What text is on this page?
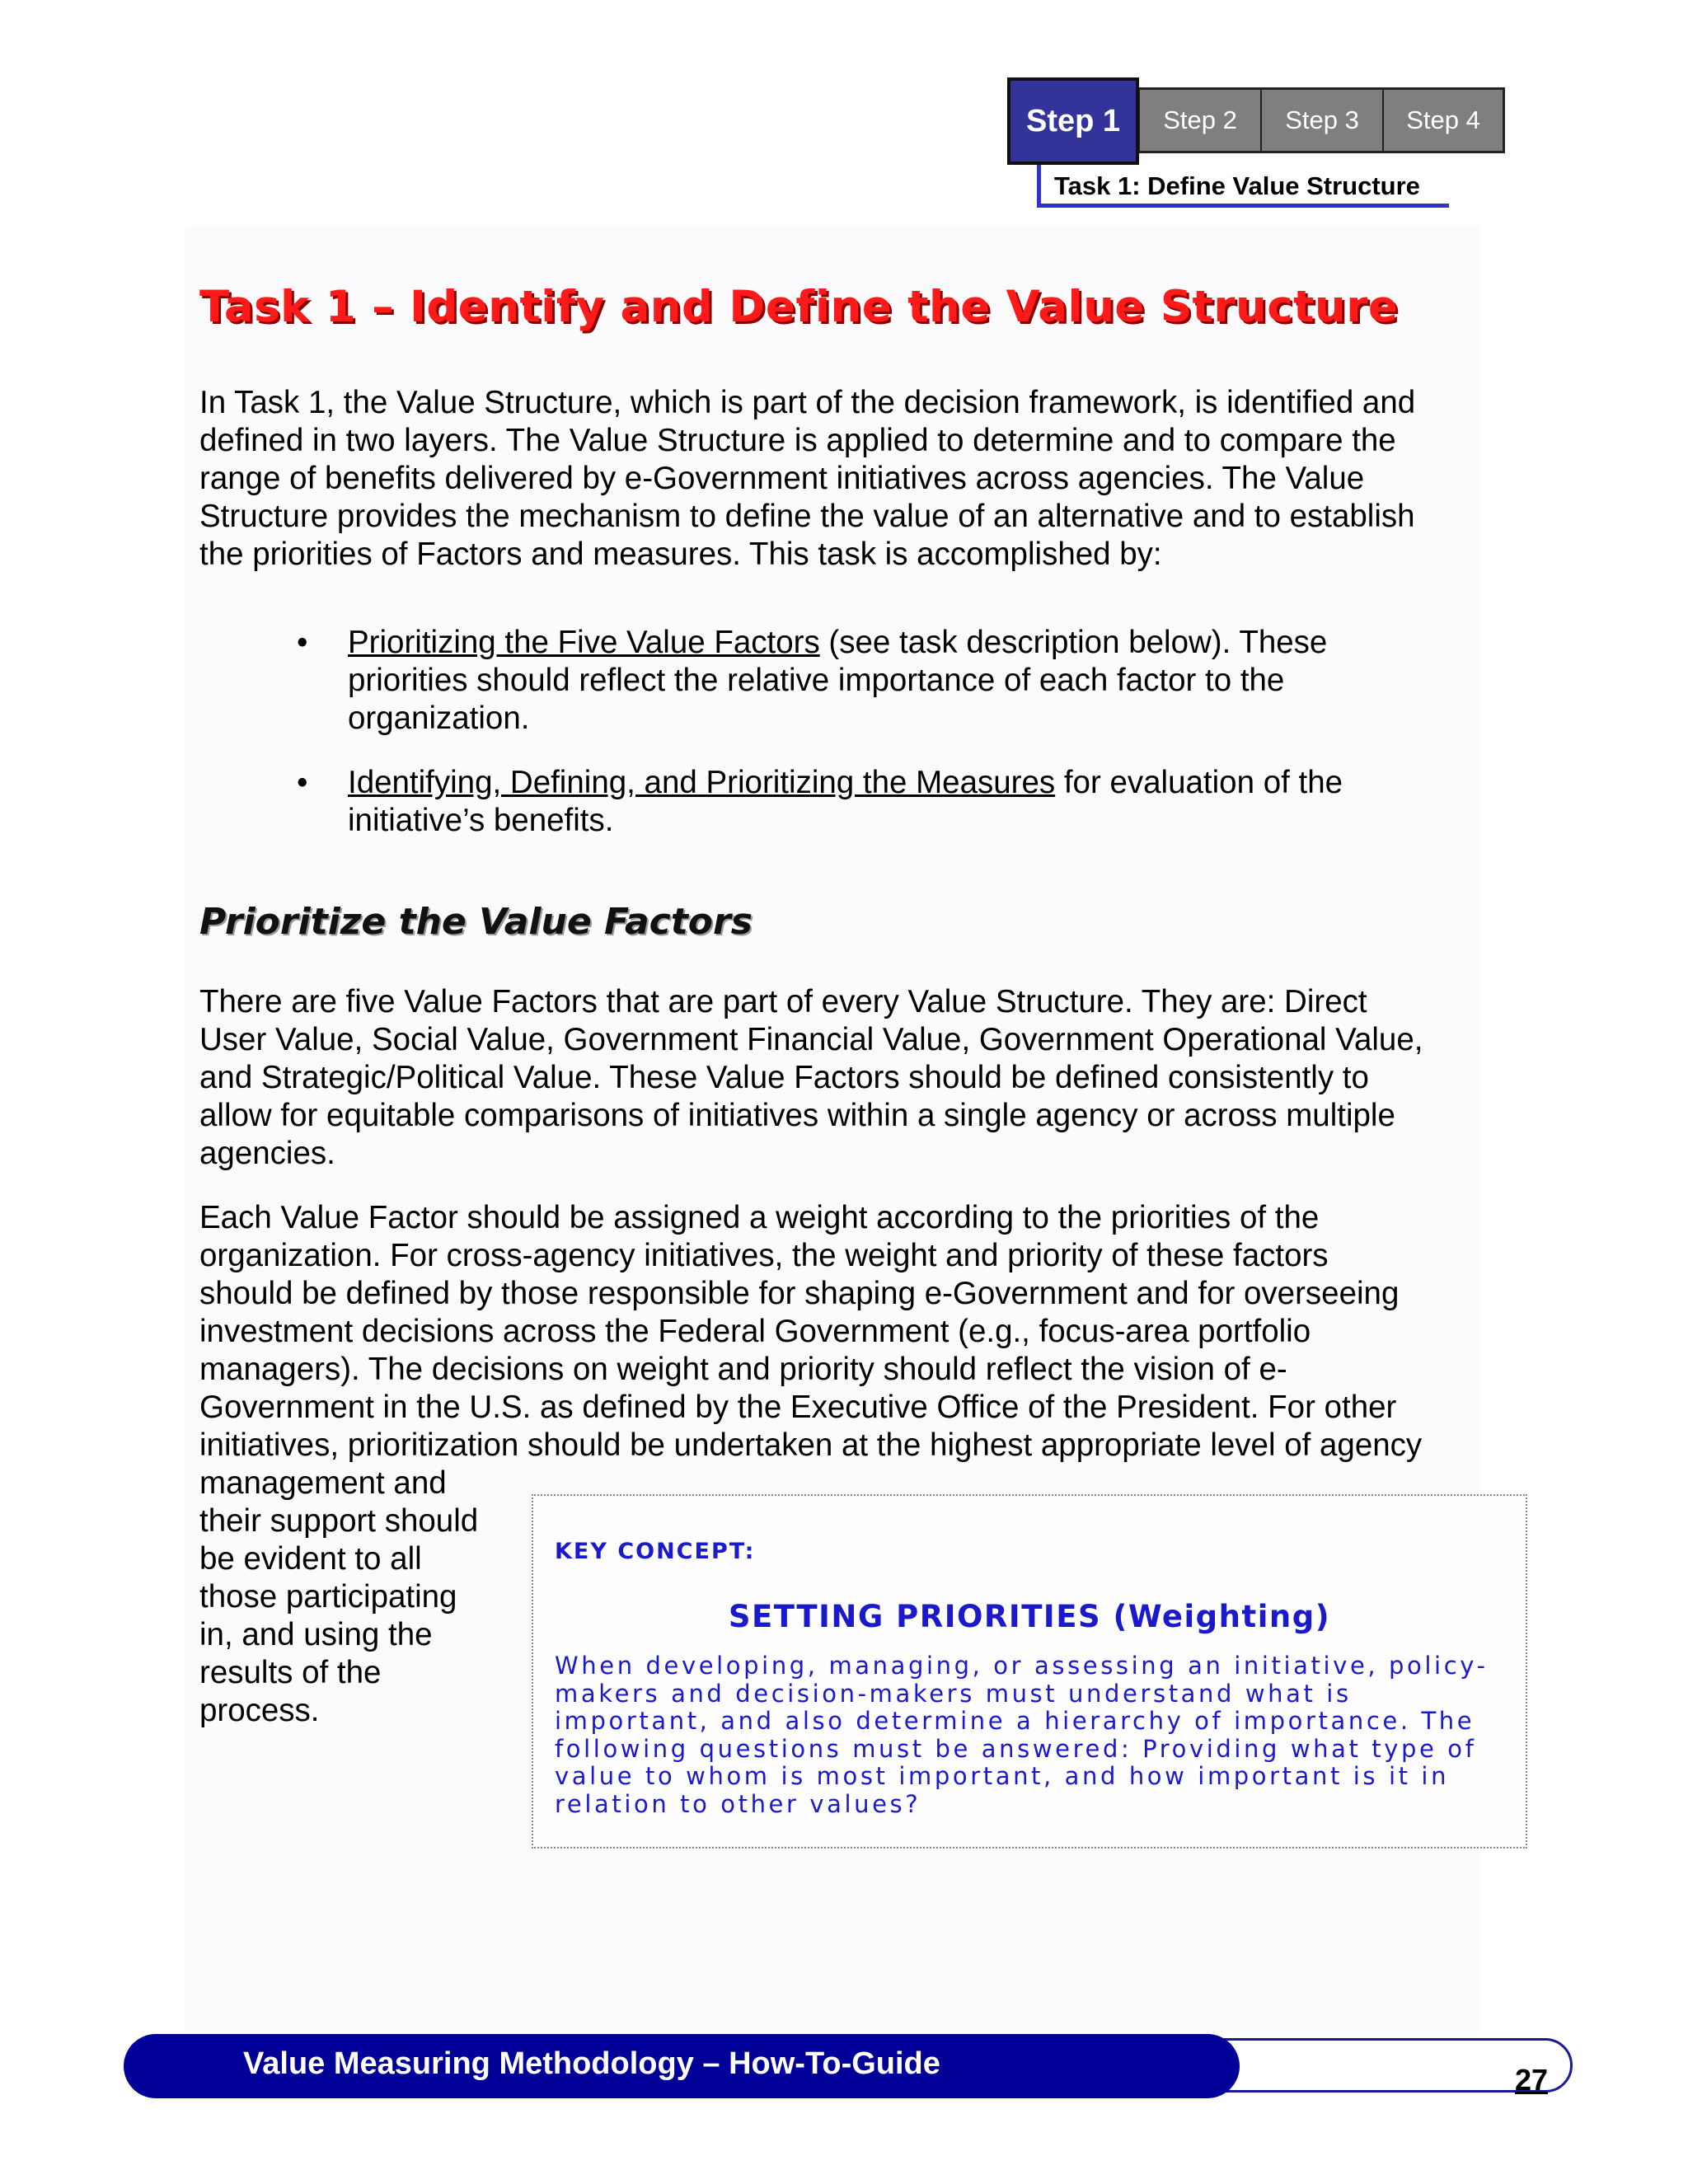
Step 1	Step 2	Step 3	Step 4
Task 1: Define Value Structure
Task 1 – Identify and Define the Value Structure

In Task 1, the Value Structure, which is part of the decision framework, is identified and
defined in two layers. The Value Structure is applied to determine and to compare the
range of benefits delivered by e-Government initiatives across agencies. The Value
Structure provides the mechanism to define the value of an alternative and to establish
the priorities of Factors and measures. This task is accomplished by:

• Prioritizing the Five Value Factors (see task description below). These
priorities should reflect the relative importance of each factor to the
organization.
• Identifying, Defining, and Prioritizing the Measures for evaluation of the
initiative’s benefits.
Prioritize the Value Factors

There are five Value Factors that are part of every Value Structure. They are: Direct
User Value, Social Value, Government Financial Value, Government Operational Value,
and Strategic/Political Value. These Value Factors should be defined consistently to
allow for equitable comparisons of initiatives within a single agency or across multiple
agencies.

Each Value Factor should be assigned a weight according to the priorities of the
organization. For cross-agency initiatives, the weight and priority of these factors
should be defined by those responsible for shaping e-Government and for overseeing
investment decisions across the Federal Government (e.g., focus-area portfolio
managers). The decisions on weight and priority should reflect the vision of e-
Government in the U.S. as defined by the Executive Office of the President. For other
initiatives, prioritization should be undertaken at the highest appropriate level of agency

management and
their support should
be evident to all
those participating
in, and using the
results of the
process.

KEY CONCEPT:
SETTING PRIORITIES (Weighting)
When developing, managing, or assessing an initiative, policy-
makers and decision-makers must understand what is
important, and also determine a hierarchy of importance. The
following questions must be answered: Providing what type of
value to whom is most important, and how important is it in
relation to other values?
Value Measuring Methodology – How-To-Guide	27
